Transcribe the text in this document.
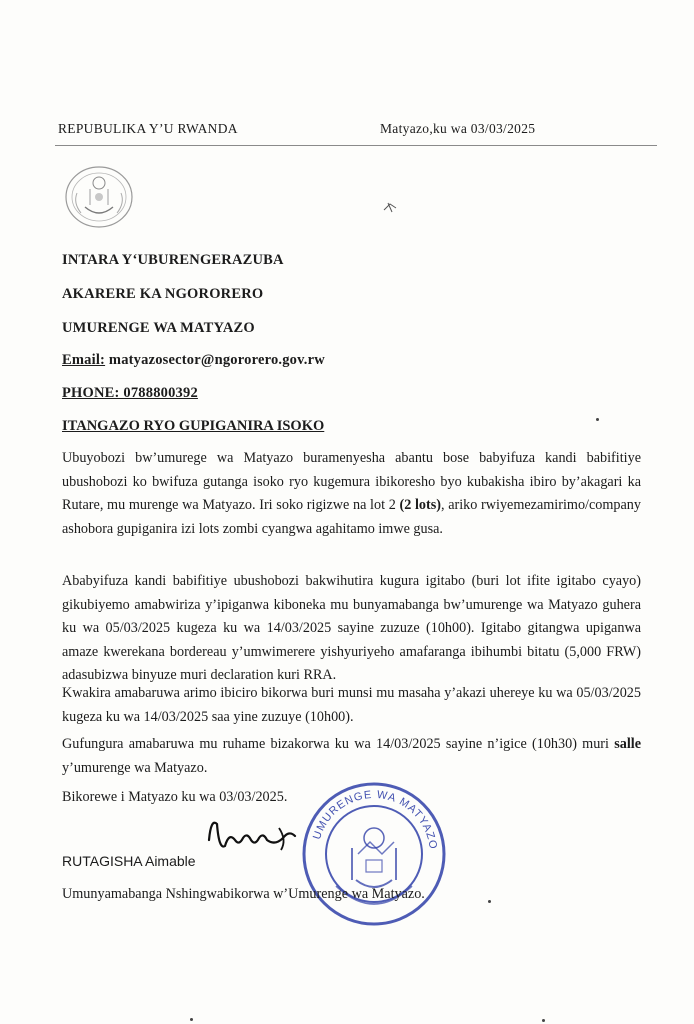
REPUBULIKA Y’U RWANDA	Matyazo,ku wa 03/03/2025
INTARA Y‘UBURENGERAZUBA
AKARERE KA NGORORERO
UMURENGE WA MATYAZO
Email: matyazosector@ngororero.gov.rw
PHONE: 0788800392
ITANGAZO RYO GUPIGANIRA ISOKO
Ubuyobozi bw’umurege wa Matyazo buramenyesha abantu bose babyifuza kandi babifitiye ubushobozi ko bwifuza gutanga isoko ryo kugemura ibikoresho byo kubakisha ibiro by’akagari ka Rutare, mu murenge wa Matyazo. Iri soko rigizwe na lot 2 (2 lots), ariko rwiyemezamirimo/company ashobora gupiganira izi lots zombi cyangwa agahitamo imwe gusa.
Ababyifuza kandi babifitiye ubushobozi bakwihutira kugura igitabo (buri lot ifite igitabo cyayo) gikubiyemo amabwiriza y’ipiganwa kiboneka mu bunyamabanga bw’umurenge wa Matyazo guhera ku wa 05/03/2025 kugeza ku wa 14/03/2025 sayine zuzuze (10h00). Igitabo gitangwa upiganwa amaze kwerekana bordereau y’umwimerere yishyuriyeho amafaranga ibihumbi bitatu (5,000 FRW) adasubizwa binyuze muri declaration kuri RRA.
Kwakira amabaruwa arimo ibiciro bikorwa buri munsi mu masaha y’akazi uhereye ku wa 05/03/2025 kugeza ku wa 14/03/2025 saa yine zuzuye (10h00).
Gufungura amabaruwa mu ruhame bizakorwa ku wa 14/03/2025 sayine n’igice (10h30) muri salle y’umurenge wa Matyazo.
Bikorewe i Matyazo ku wa 03/03/2025.
UMURENGE WA MATYAZO
RUTAGISHA Aimable
Umunyamabanga Nshingwabikorwa w’Umurenge wa Matyazo.
